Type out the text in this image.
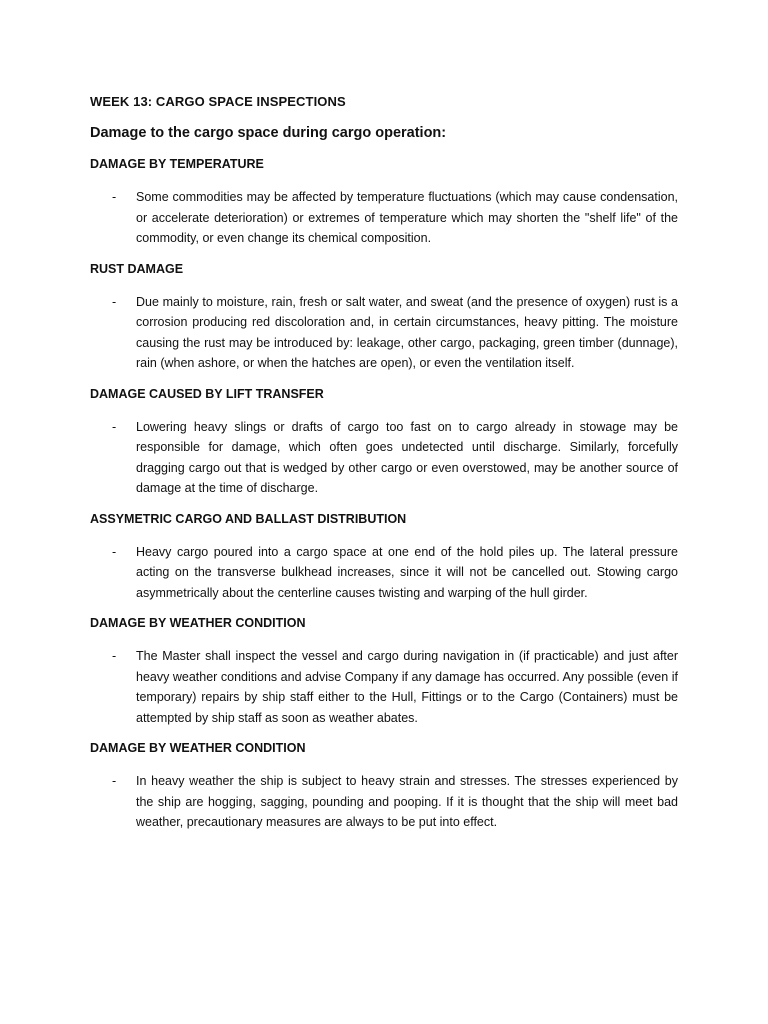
WEEK 13: CARGO SPACE INSPECTIONS
Damage to the cargo space during cargo operation:
DAMAGE BY TEMPERATURE
-	Some commodities may be affected by temperature fluctuations (which may cause condensation, or accelerate deterioration) or extremes of temperature which may shorten the "shelf life" of the commodity, or even change its chemical composition.
RUST DAMAGE
-	Due mainly to moisture, rain, fresh or salt water, and sweat (and the presence of oxygen) rust is a corrosion producing red discoloration and, in certain circumstances, heavy pitting. The moisture causing the rust may be introduced by: leakage, other cargo, packaging, green timber (dunnage), rain (when ashore, or when the hatches are open), or even the ventilation itself.
DAMAGE CAUSED BY LIFT TRANSFER
-	Lowering heavy slings or drafts of cargo too fast on to cargo already in stowage may be responsible for damage, which often goes undetected until discharge. Similarly, forcefully dragging cargo out that is wedged by other cargo or even overstowed, may be another source of damage at the time of discharge.
ASSYMETRIC CARGO AND BALLAST DISTRIBUTION
-	Heavy cargo poured into a cargo space at one end of the hold piles up. The lateral pressure acting on the transverse bulkhead increases, since it will not be cancelled out. Stowing cargo asymmetrically about the centerline causes twisting and warping of the hull girder.
DAMAGE BY WEATHER CONDITION
-	The Master shall inspect the vessel and cargo during navigation in (if practicable) and just after heavy weather conditions and advise Company if any damage has occurred. Any possible (even if temporary) repairs by ship staff either to the Hull, Fittings or to the Cargo (Containers) must be attempted by ship staff as soon as weather abates.
DAMAGE BY WEATHER CONDITION
-	In heavy weather the ship is subject to heavy strain and stresses. The stresses experienced by the ship are hogging, sagging, pounding and pooping. If it is thought that the ship will meet bad weather, precautionary measures are always to be put into effect.
